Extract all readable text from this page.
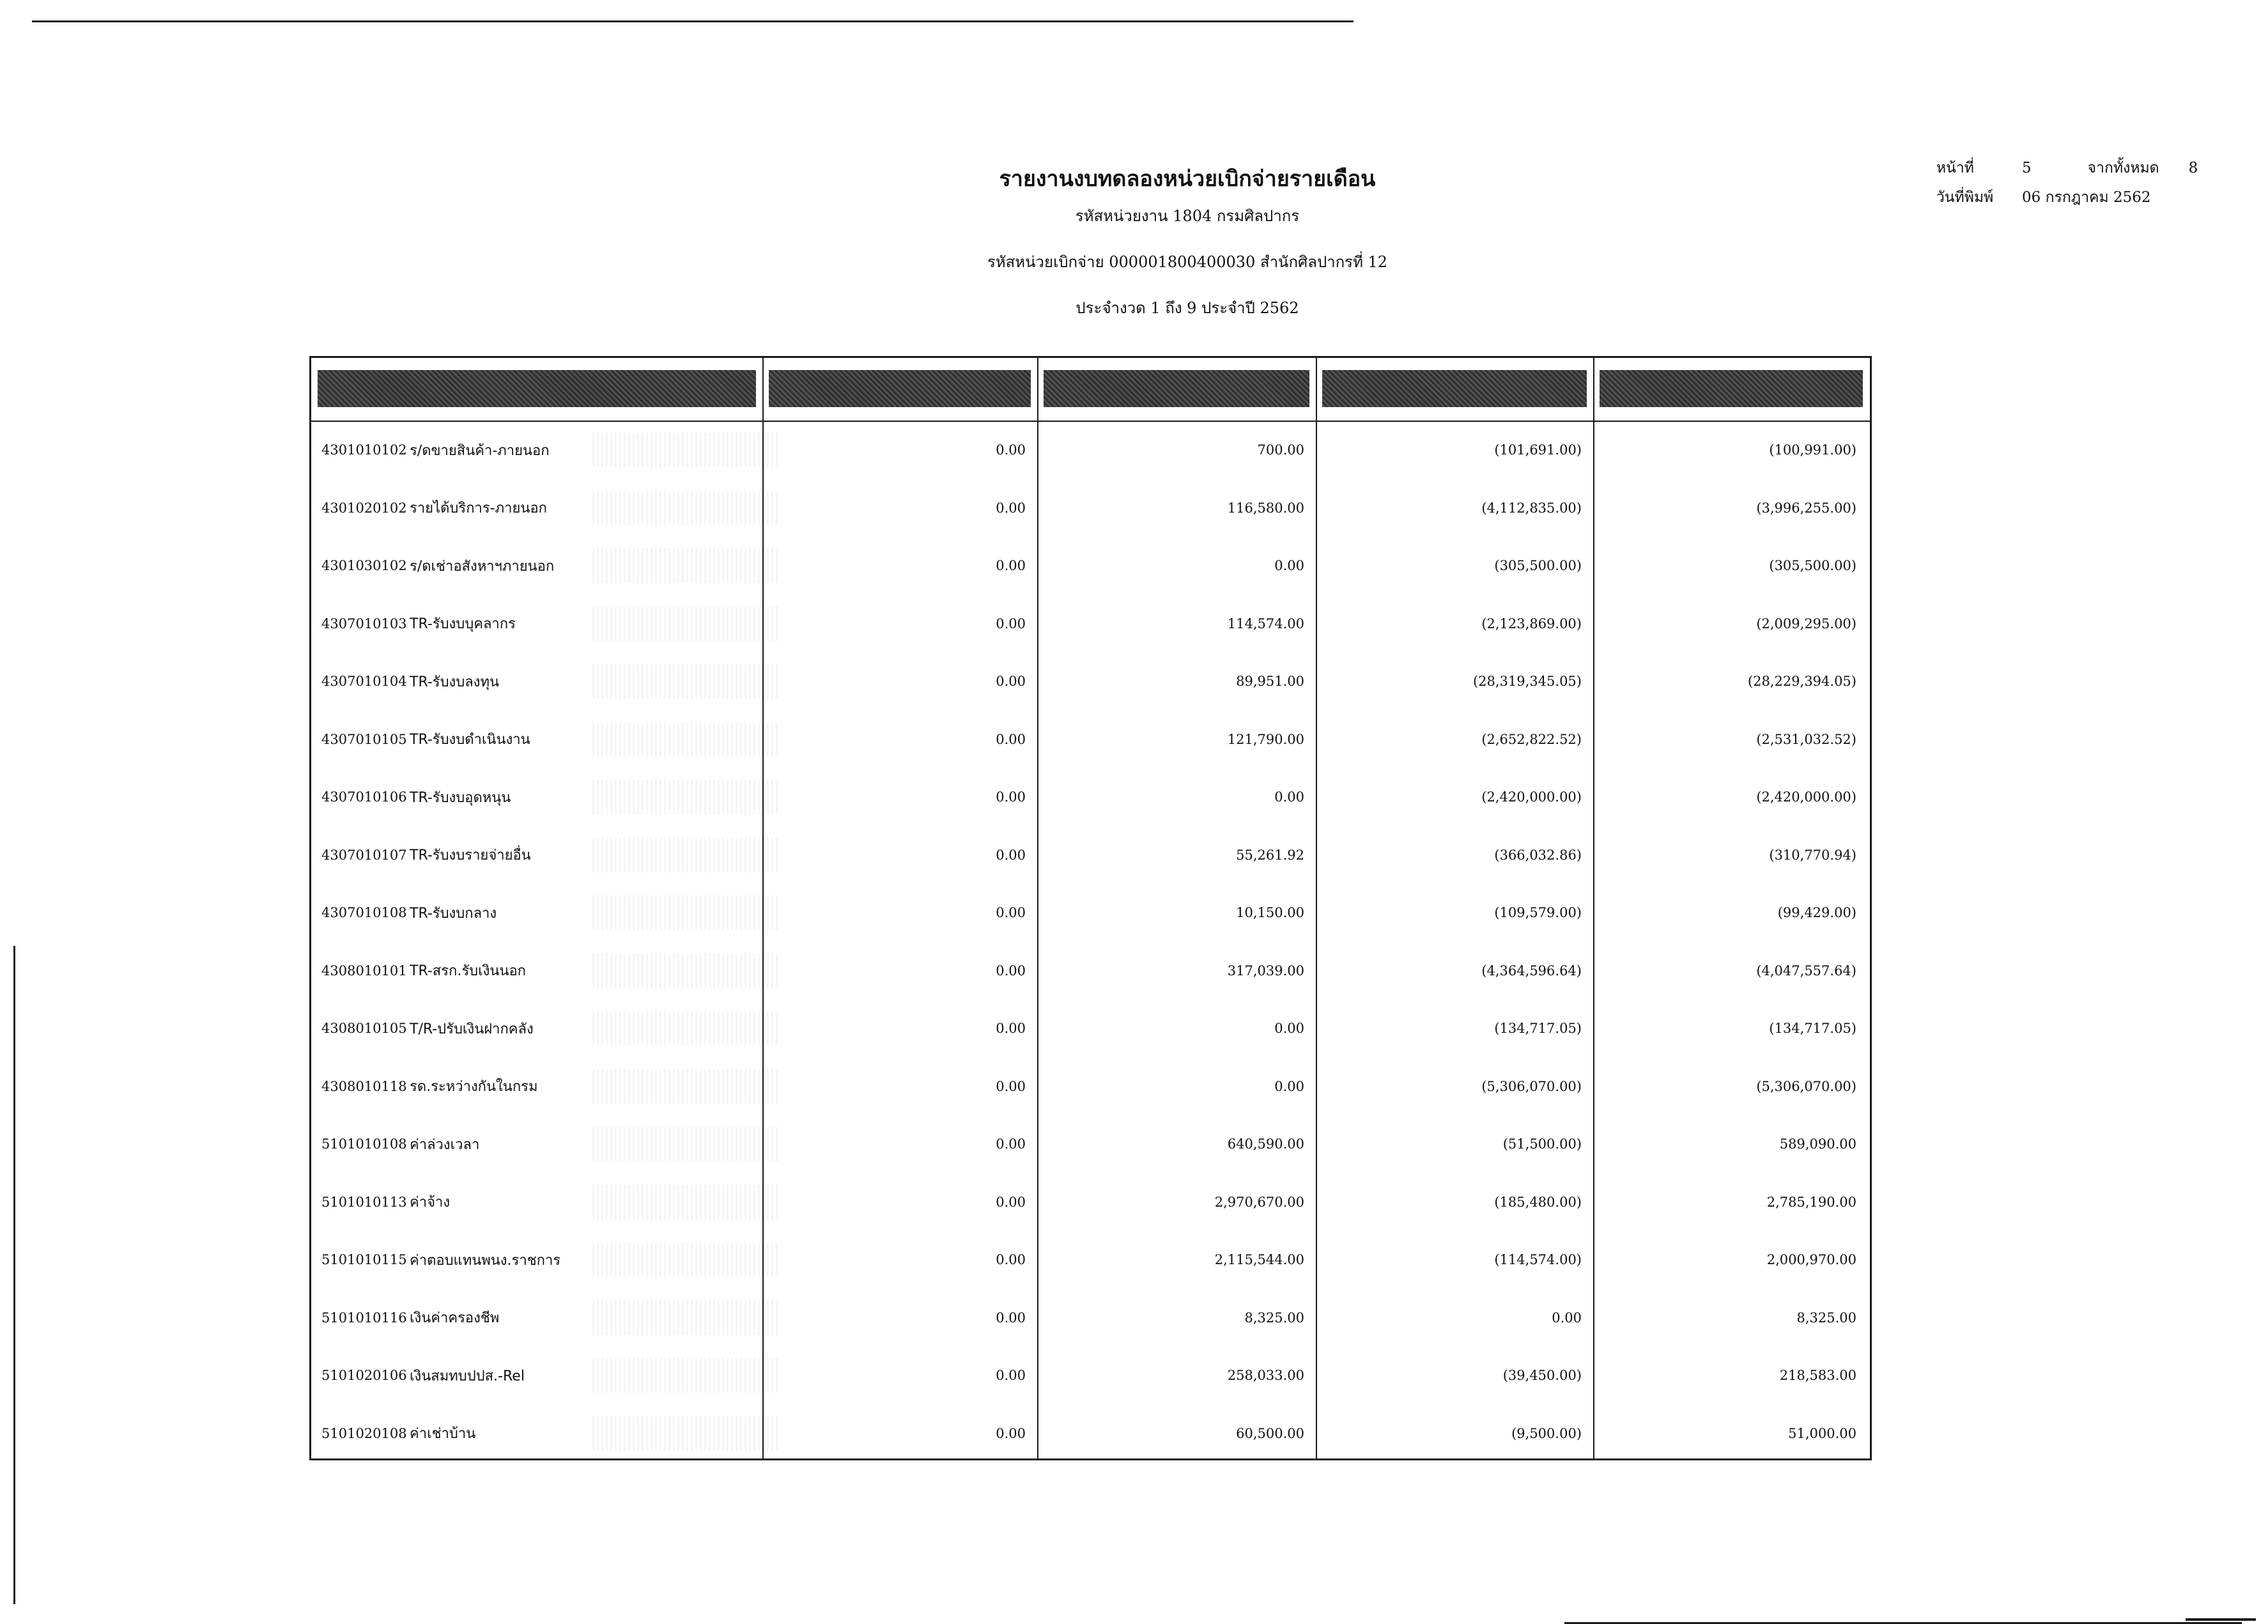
รายงานงบทดลองหน่วยเบิกจ่ายรายเดือน
รหัสหน่วยงาน 1804 กรมศิลปากร
รหัสหน่วยเบิกจ่าย 000001800400030 สำนักศิลปากรที่ 12
ประจำงวด 1 ถึง 9 ประจำปี 2562
หน้าที่	5	จากทั้งหมด 8
วันที่พิมพ์	06 กรกฎาคม 2562
4301010102 ร/ดขายสินค้า-ภายนอก	0.00	700.00	(101,691.00)	(100,991.00)
4301020102 รายได้บริการ-ภายนอก	0.00	116,580.00	(4,112,835.00)	(3,996,255.00)
4301030102 ร/ดเช่าอสังหาฯภายนอก	0.00	0.00	(305,500.00)	(305,500.00)
4307010103 TR-รับงบบุคลากร	0.00	114,574.00	(2,123,869.00)	(2,009,295.00)
4307010104 TR-รับงบลงทุน	0.00	89,951.00	(28,319,345.05)	(28,229,394.05)
4307010105 TR-รับงบดำเนินงาน	0.00	121,790.00	(2,652,822.52)	(2,531,032.52)
4307010106 TR-รับงบอุดหนุน	0.00	0.00	(2,420,000.00)	(2,420,000.00)
4307010107 TR-รับงบรายจ่ายอื่น	0.00	55,261.92	(366,032.86)	(310,770.94)
4307010108 TR-รับงบกลาง	0.00	10,150.00	(109,579.00)	(99,429.00)
4308010101 TR-สรก.รับเงินนอก	0.00	317,039.00	(4,364,596.64)	(4,047,557.64)
4308010105 T/R-ปรับเงินฝากคลัง	0.00	0.00	(134,717.05)	(134,717.05)
4308010118 รด.ระหว่างกันในกรม	0.00	0.00	(5,306,070.00)	(5,306,070.00)
5101010108 ค่าล่วงเวลา	0.00	640,590.00	(51,500.00)	589,090.00
5101010113 ค่าจ้าง	0.00	2,970,670.00	(185,480.00)	2,785,190.00
5101010115 ค่าตอบแทนพนง.ราชการ	0.00	2,115,544.00	(114,574.00)	2,000,970.00
5101010116 เงินค่าครองชีพ	0.00	8,325.00	0.00	8,325.00
5101020106 เงินสมทบปปส.-Rel	0.00	258,033.00	(39,450.00)	218,583.00
5101020108 ค่าเช่าบ้าน	0.00	60,500.00	(9,500.00)	51,000.00
